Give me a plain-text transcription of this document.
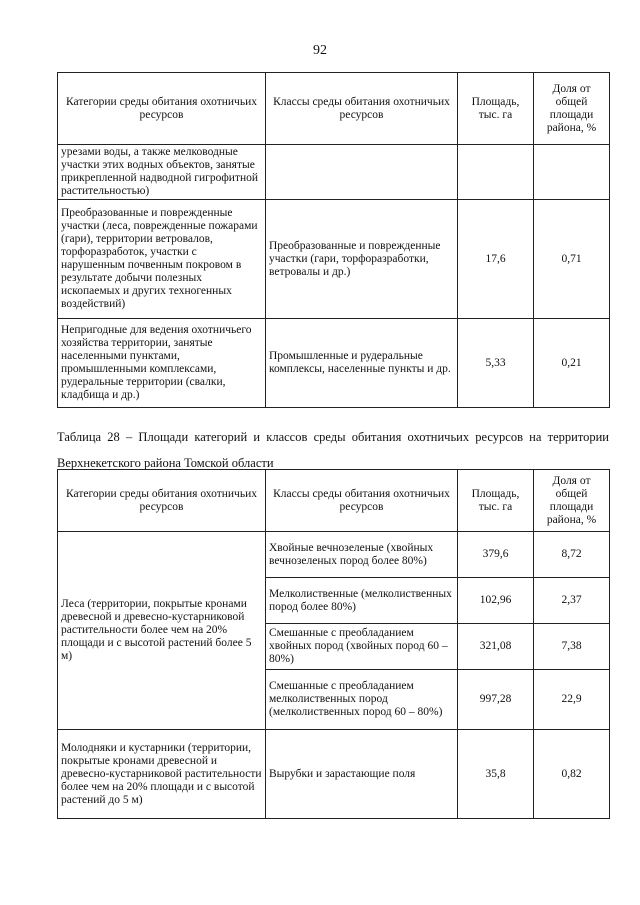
92
Категории среды обитания охотничьих ресурсов	Классы среды обитания охотничьих ресурсов	Площадь, тыс. га	Доля от общей площади района, %
урезами воды, а также мелководные участки этих водных объектов, занятые прикрепленной надводной гигрофитной растительностью)			
Преобразованные и поврежденные участки (леса, поврежденные пожарами (гари), территории ветровалов, торфоразработок, участки с нарушенным почвенным покровом в результате добычи полезных ископаемых и других техногенных воздействий)	Преобразованные и поврежденные участки (гари, торфоразработки, ветровалы и др.)	17,6	0,71
Непригодные для ведения охотничьего хозяйства территории, занятые населенными пунктами, промышленными комплексами, рудеральные территории (свалки, кладбища и др.)	Промышленные и рудеральные комплексы, населенные пункты и др.	5,33	0,21
Таблица 28 – Площади категорий и классов среды обитания охотничьих ресурсов на территории
Верхнекетского района Томской области
Категории среды обитания охотничьих ресурсов	Классы среды обитания охотничьих ресурсов	Площадь, тыс. га	Доля от общей площади района, %
Леса (территории, покрытые кронами древесной и древесно-кустарниковой растительности более чем на 20% площади и с высотой растений более 5 м)	Хвойные вечнозеленые (хвойных вечнозеленых пород более 80%)	379,6	8,72
	Мелколиственные (мелколиственных пород более 80%)	102,96	2,37
	Смешанные с преобладанием хвойных пород (хвойных пород 60 – 80%)	321,08	7,38
	Смешанные с преобладанием мелколиственных пород (мелколиственных пород 60 – 80%)	997,28	22,9
Молодняки и кустарники (территории, покрытые кронами древесной и древесно-кустарниковой растительности более чем на 20% площади и с высотой растений до 5 м)	Вырубки и зарастающие поля	35,8	0,82
